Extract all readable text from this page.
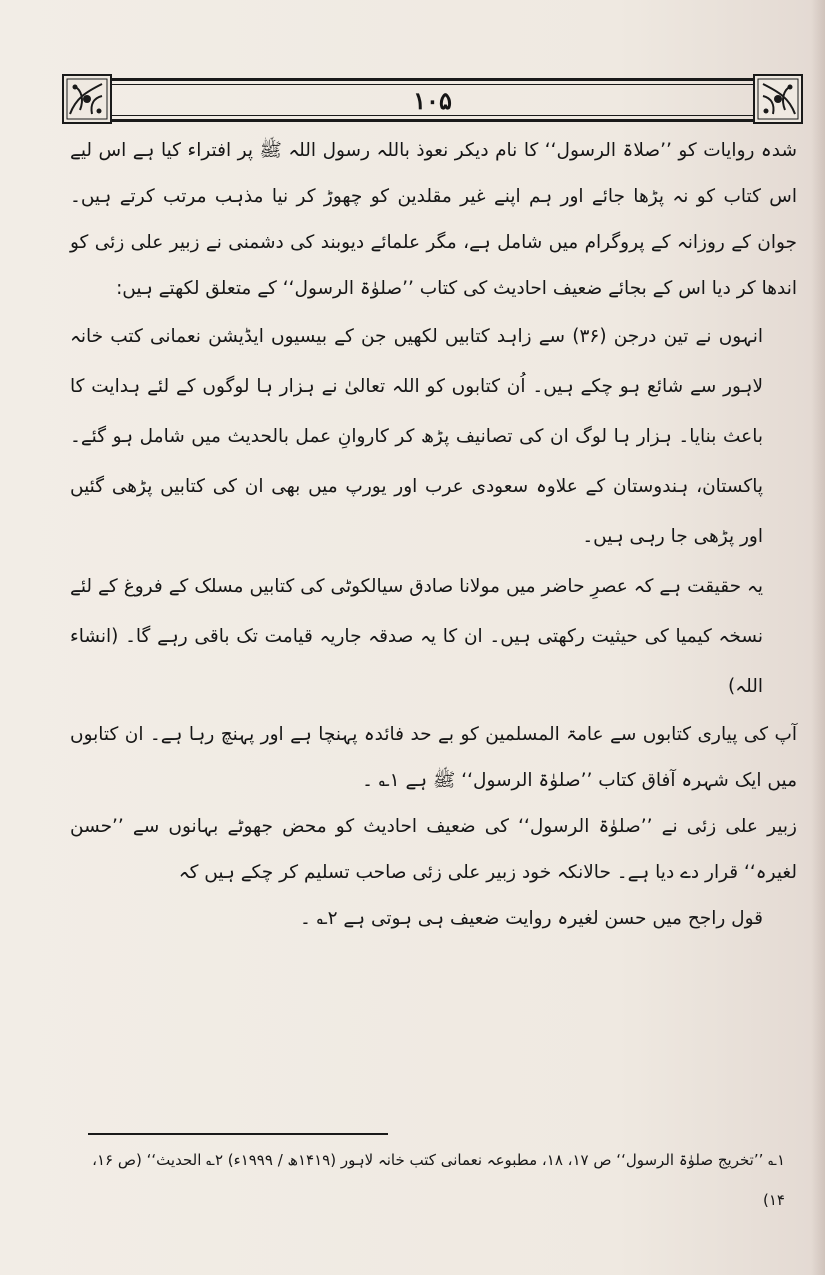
۱۰۵

شدہ روایات کو ’’صلاۃ الرسول‘‘ کا نام دیکر نعوذ باللہ رسول اللہ ﷺ پر افتراء کیا ہے اس لیے اس کتاب کو نہ پڑھا جائے اور ہم اپنے غیر مقلدین کو چھوڑ کر نیا مذہب مرتب کرتے ہیں۔ جوان کے روزانہ کے پروگرام میں شامل ہے، مگر علمائے دیوبند کی دشمنی نے زبیر علی زئی کو اندھا کر دیا اس کے بجائے ضعیف احادیث کی کتاب ’’صلوٰۃ الرسول‘‘ کے متعلق لکھتے ہیں:

انہوں نے تین درجن (۳۶) سے زاہد کتابیں لکھیں جن کے بیسیوں ایڈیشن نعمانی کتب خانہ لاہور سے شائع ہو چکے ہیں۔ اُن کتابوں کو اللہ تعالیٰ نے ہزار ہا لوگوں کے لئے ہدایت کا باعث بنایا۔ ہزار ہا لوگ ان کی تصانیف پڑھ کر کاروانِ عمل بالحدیث میں شامل ہو گئے۔ پاکستان، ہندوستان کے علاوہ سعودی عرب اور یورپ میں بھی ان کی کتابیں پڑھی گئیں اور پڑھی جا رہی ہیں۔

یہ حقیقت ہے کہ عصرِ حاضر میں مولانا صادق سیالکوٹی کی کتابیں مسلک کے فروغ کے لئے نسخہ کیمیا کی حیثیت رکھتی ہیں۔ ان کا یہ صدقہ جاریہ قیامت تک باقی رہے گا۔ (انشاء اللہ)

آپ کی پیاری کتابوں سے عامۃ المسلمین کو بے حد فائدہ پہنچا ہے اور پہنچ رہا ہے۔ ان کتابوں میں ایک شہرہ آفاق کتاب ’’صلوٰۃ الرسول‘‘ ﷺ ہے ۱؎ ۔

زبیر علی زئی نے ’’صلوٰۃ الرسول‘‘ کی ضعیف احادیث کو محض جھوٹے بہانوں سے ’’حسن لغیرہ‘‘ قرار دے دیا ہے۔ حالانکہ خود زبیر علی زئی صاحب تسلیم کر چکے ہیں کہ

قول راجح میں حسن لغیرہ روایت ضعیف ہی ہوتی ہے ۲؎ ۔

۱؎ ’’تخریج صلوٰۃ الرسول‘‘ ص ۱۷، ۱۸، مطبوعہ نعمانی کتب خانہ لاہور (۱۴۱۹ھ / ۱۹۹۹ء) ۲؎ الحدیث‘‘ (ص ۱۶، ۱۴)
